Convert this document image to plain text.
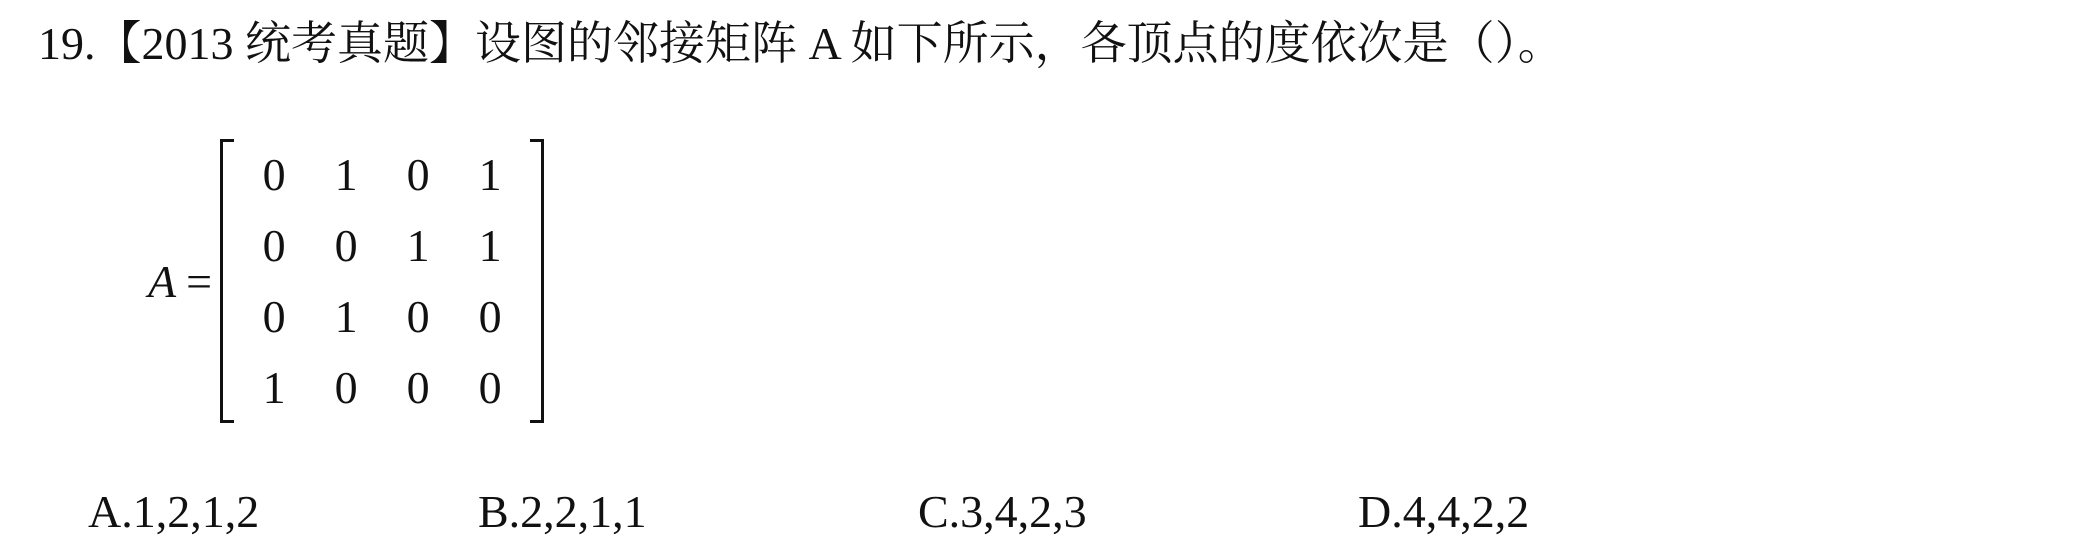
19.【2013 统考真题】设图的邻接矩阵 A 如下所示，各顶点的度依次是（）。
A =
0	1	0	1
0	0	1	1
0	1	0	0
1	0	0	0
A.1,2,1,2	B.2,2,1,1	C.3,4,2,3	D.4,4,2,2
